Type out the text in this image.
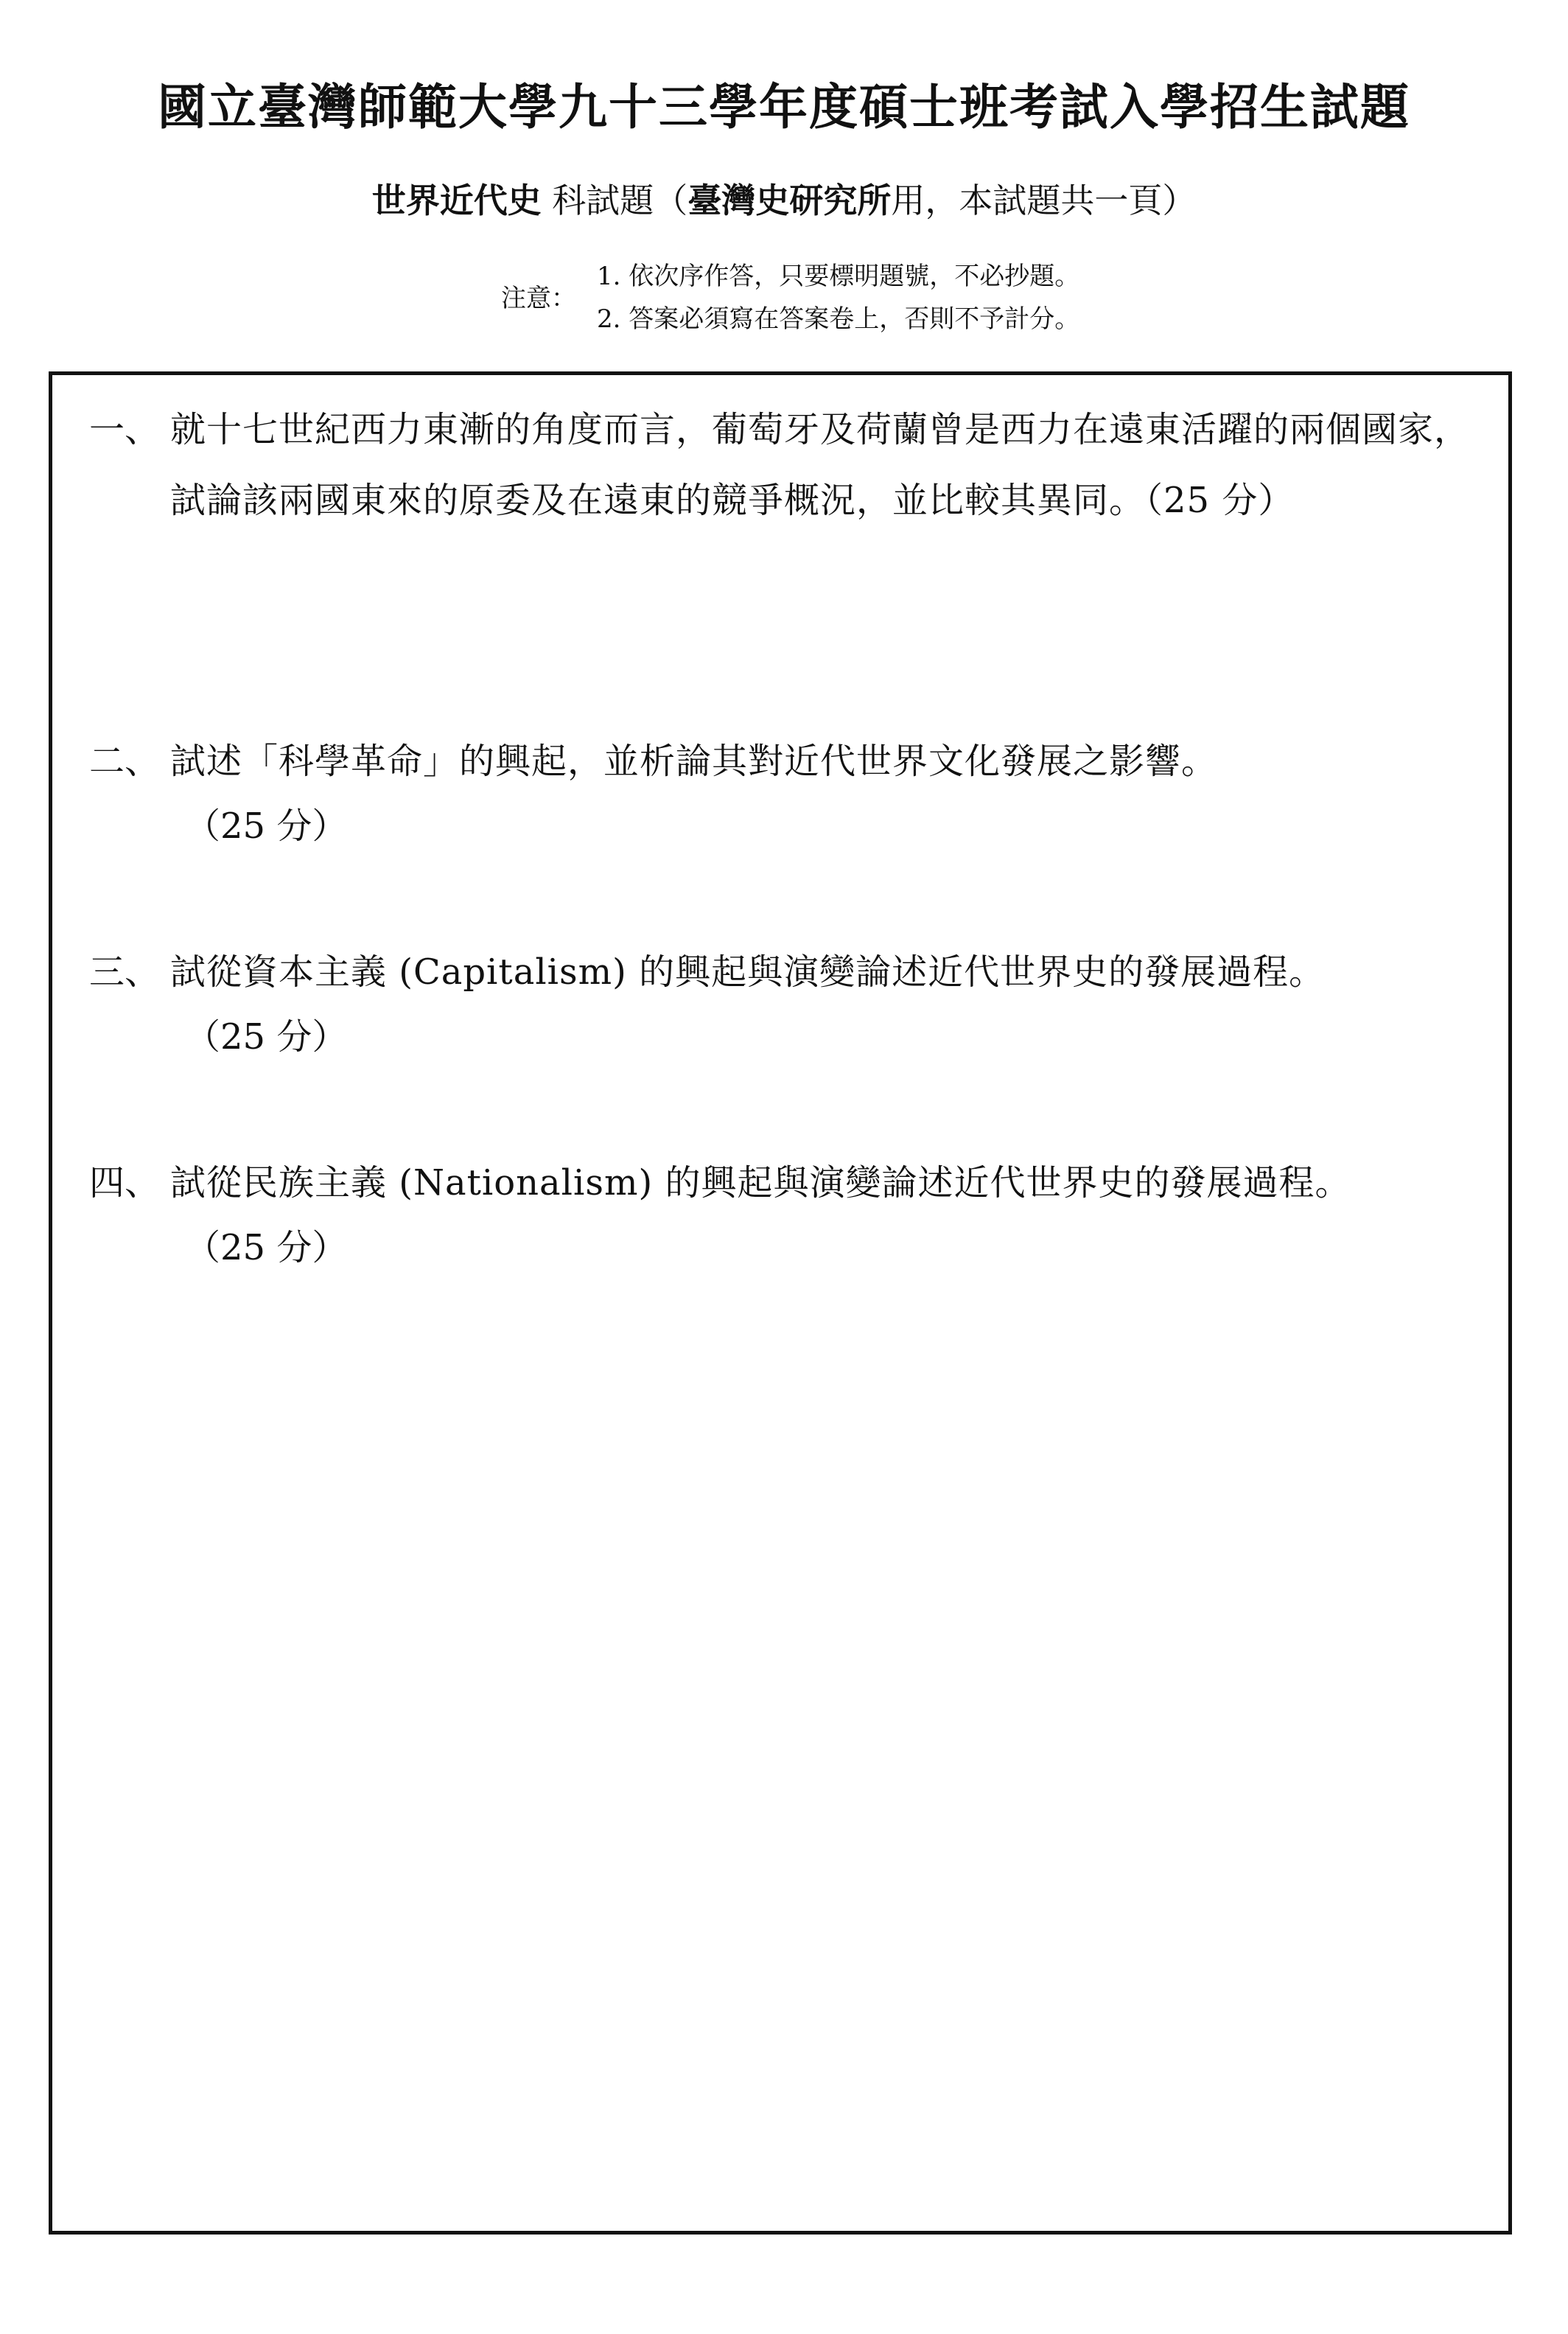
國立臺灣師範大學九十三學年度碩士班考試入學招生試題
世界近代史 科試題（臺灣史研究所用，本試題共一頁）
注意：
1. 依次序作答，只要標明題號，不必抄題。
2. 答案必須寫在答案卷上，否則不予計分。
一、 就十七世紀西力東漸的角度而言，葡萄牙及荷蘭曾是西力在遠東活躍的兩個國家，試論該兩國東來的原委及在遠東的競爭概況，並比較其異同。（25 分）
二、 試述「科學革命」的興起，並析論其對近代世界文化發展之影響。
（25 分）
三、 試從資本主義 (Capitalism) 的興起與演變論述近代世界史的發展過程。
（25 分）
四、 試從民族主義 (Nationalism) 的興起與演變論述近代世界史的發展過程。
（25 分）
